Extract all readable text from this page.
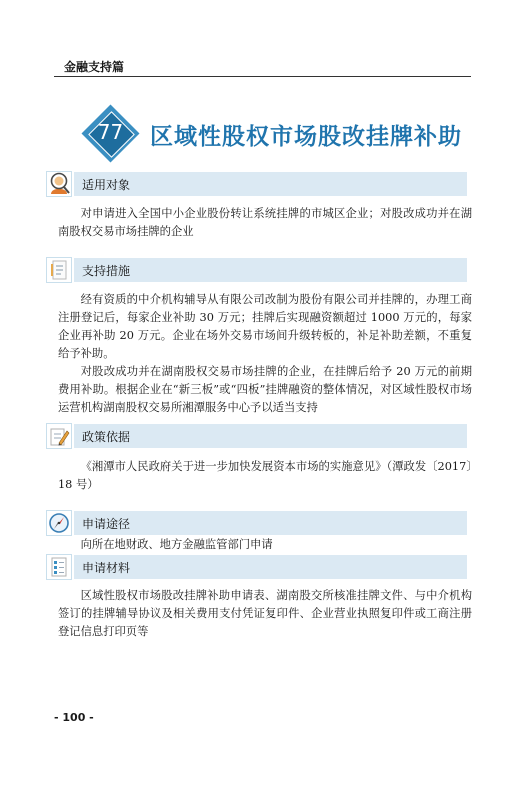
金融支持篇
77	区域性股权市场股改挂牌补助
适用对象

对申请进入全国中小企业股份转让系统挂牌的市城区企业；对股改成功并在湖南股权交易市场挂牌的企业

支持措施

经有资质的中介机构辅导从有限公司改制为股份有限公司并挂牌的，办理工商注册登记后，每家企业补助 30 万元；挂牌后实现融资额超过 1000 万元的，每家企业再补助 20 万元。企业在场外交易市场间升级转板的，补足补助差额，不重复给予补助。

对股改成功并在湖南股权交易市场挂牌的企业，在挂牌后给予 20 万元的前期费用补助。根据企业在“新三板”或“四板”挂牌融资的整体情况，对区域性股权市场运营机构湖南股权交易所湘潭服务中心予以适当支持

政策依据

《湘潭市人民政府关于进一步加快发展资本市场的实施意见》（潭政发〔2017〕18 号）

申请途径

向所在地财政、地方金融监管部门申请

申请材料

区域性股权市场股改挂牌补助申请表、湖南股交所核准挂牌文件、与中介机构签订的挂牌辅导协议及相关费用支付凭证复印件、企业营业执照复印件或工商注册登记信息打印页等

- 100 -
